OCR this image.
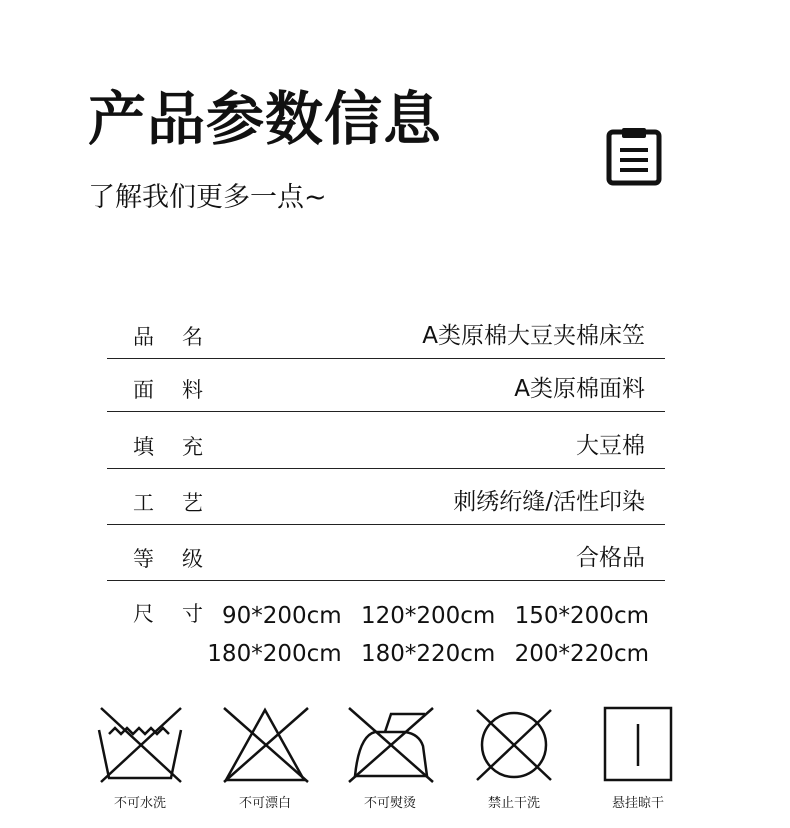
产品参数信息

了解我们更多一点~

品名	A类原棉大豆夹棉床笠
面料	A类原棉面料
填充	大豆棉
工艺	刺绣绗缝/活性印染
等级	合格品
尺寸
90*200cm 120*200cm 150*200cm
180*200cm 180*220cm 200*220cm
不可水洗	不可漂白	不可熨烫	禁止干洗	悬挂晾干
